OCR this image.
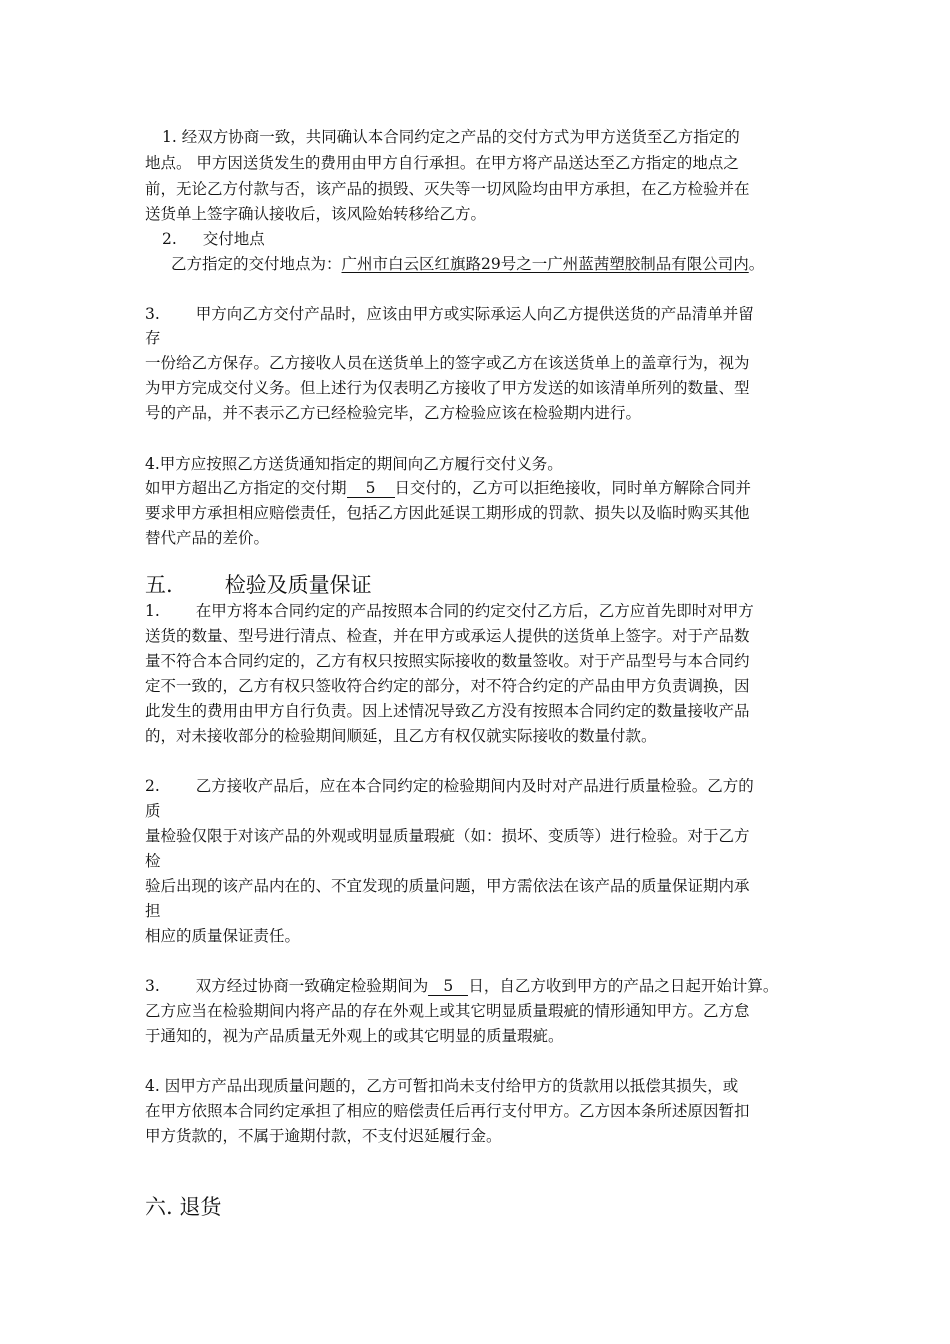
1. 经双方协商一致，共同确认本合同约定之产品的交付方式为甲方送货至乙方指定的
地点。 甲方因送货发生的费用由甲方自行承担。在甲方将产品送达至乙方指定的地点之
前，无论乙方付款与否，该产品的损毁、灭失等一切风险均由甲方承担，在乙方检验并在
送货单上签字确认接收后，该风险始转移给乙方。
2. 交付地点
乙方指定的交付地点为：广州市白云区红旗路29号之一广州蓝茜塑胶制品有限公司内。
3. 甲方向乙方交付产品时，应该由甲方或实际承运人向乙方提供送货的产品清单并留
存
一份给乙方保存。乙方接收人员在送货单上的签字或乙方在该送货单上的盖章行为，视为
为甲方完成交付义务。但上述行为仅表明乙方接收了甲方发送的如该清单所列的数量、型
号的产品，并不表示乙方已经检验完毕，乙方检验应该在检验期内进行。
4.甲方应按照乙方送货通知指定的期间向乙方履行交付义务。
如甲方超出乙方指定的交付期 5 日交付的，乙方可以拒绝接收，同时单方解除合同并
要求甲方承担相应赔偿责任，包括乙方因此延误工期形成的罚款、损失以及临时购买其他
替代产品的差价。
五. 检验及质量保证
1. 在甲方将本合同约定的产品按照本合同的约定交付乙方后，乙方应首先即时对甲方
送货的数量、型号进行清点、检查，并在甲方或承运人提供的送货单上签字。对于产品数
量不符合本合同约定的，乙方有权只按照实际接收的数量签收。对于产品型号与本合同约
定不一致的，乙方有权只签收符合约定的部分，对不符合约定的产品由甲方负责调换，因
此发生的费用由甲方自行负责。因上述情况导致乙方没有按照本合同约定的数量接收产品
的，对未接收部分的检验期间顺延，且乙方有权仅就实际接收的数量付款。
2. 乙方接收产品后，应在本合同约定的检验期间内及时对产品进行质量检验。乙方的
质
量检验仅限于对该产品的外观或明显质量瑕疵（如：损坏、变质等）进行检验。对于乙方
检
验后出现的该产品内在的、不宜发现的质量问题，甲方需依法在该产品的质量保证期内承
担
相应的质量保证责任。
3. 双方经过协商一致确定检验期间为 5 日，自乙方收到甲方的产品之日起开始计算。
乙方应当在检验期间内将产品的存在外观上或其它明显质量瑕疵的情形通知甲方。乙方怠
于通知的，视为产品质量无外观上的或其它明显的质量瑕疵。
4. 因甲方产品出现质量问题的，乙方可暂扣尚未支付给甲方的货款用以抵偿其损失，或
在甲方依照本合同约定承担了相应的赔偿责任后再行支付甲方。乙方因本条所述原因暂扣
甲方货款的，不属于逾期付款，不支付迟延履行金。
六. 退货
